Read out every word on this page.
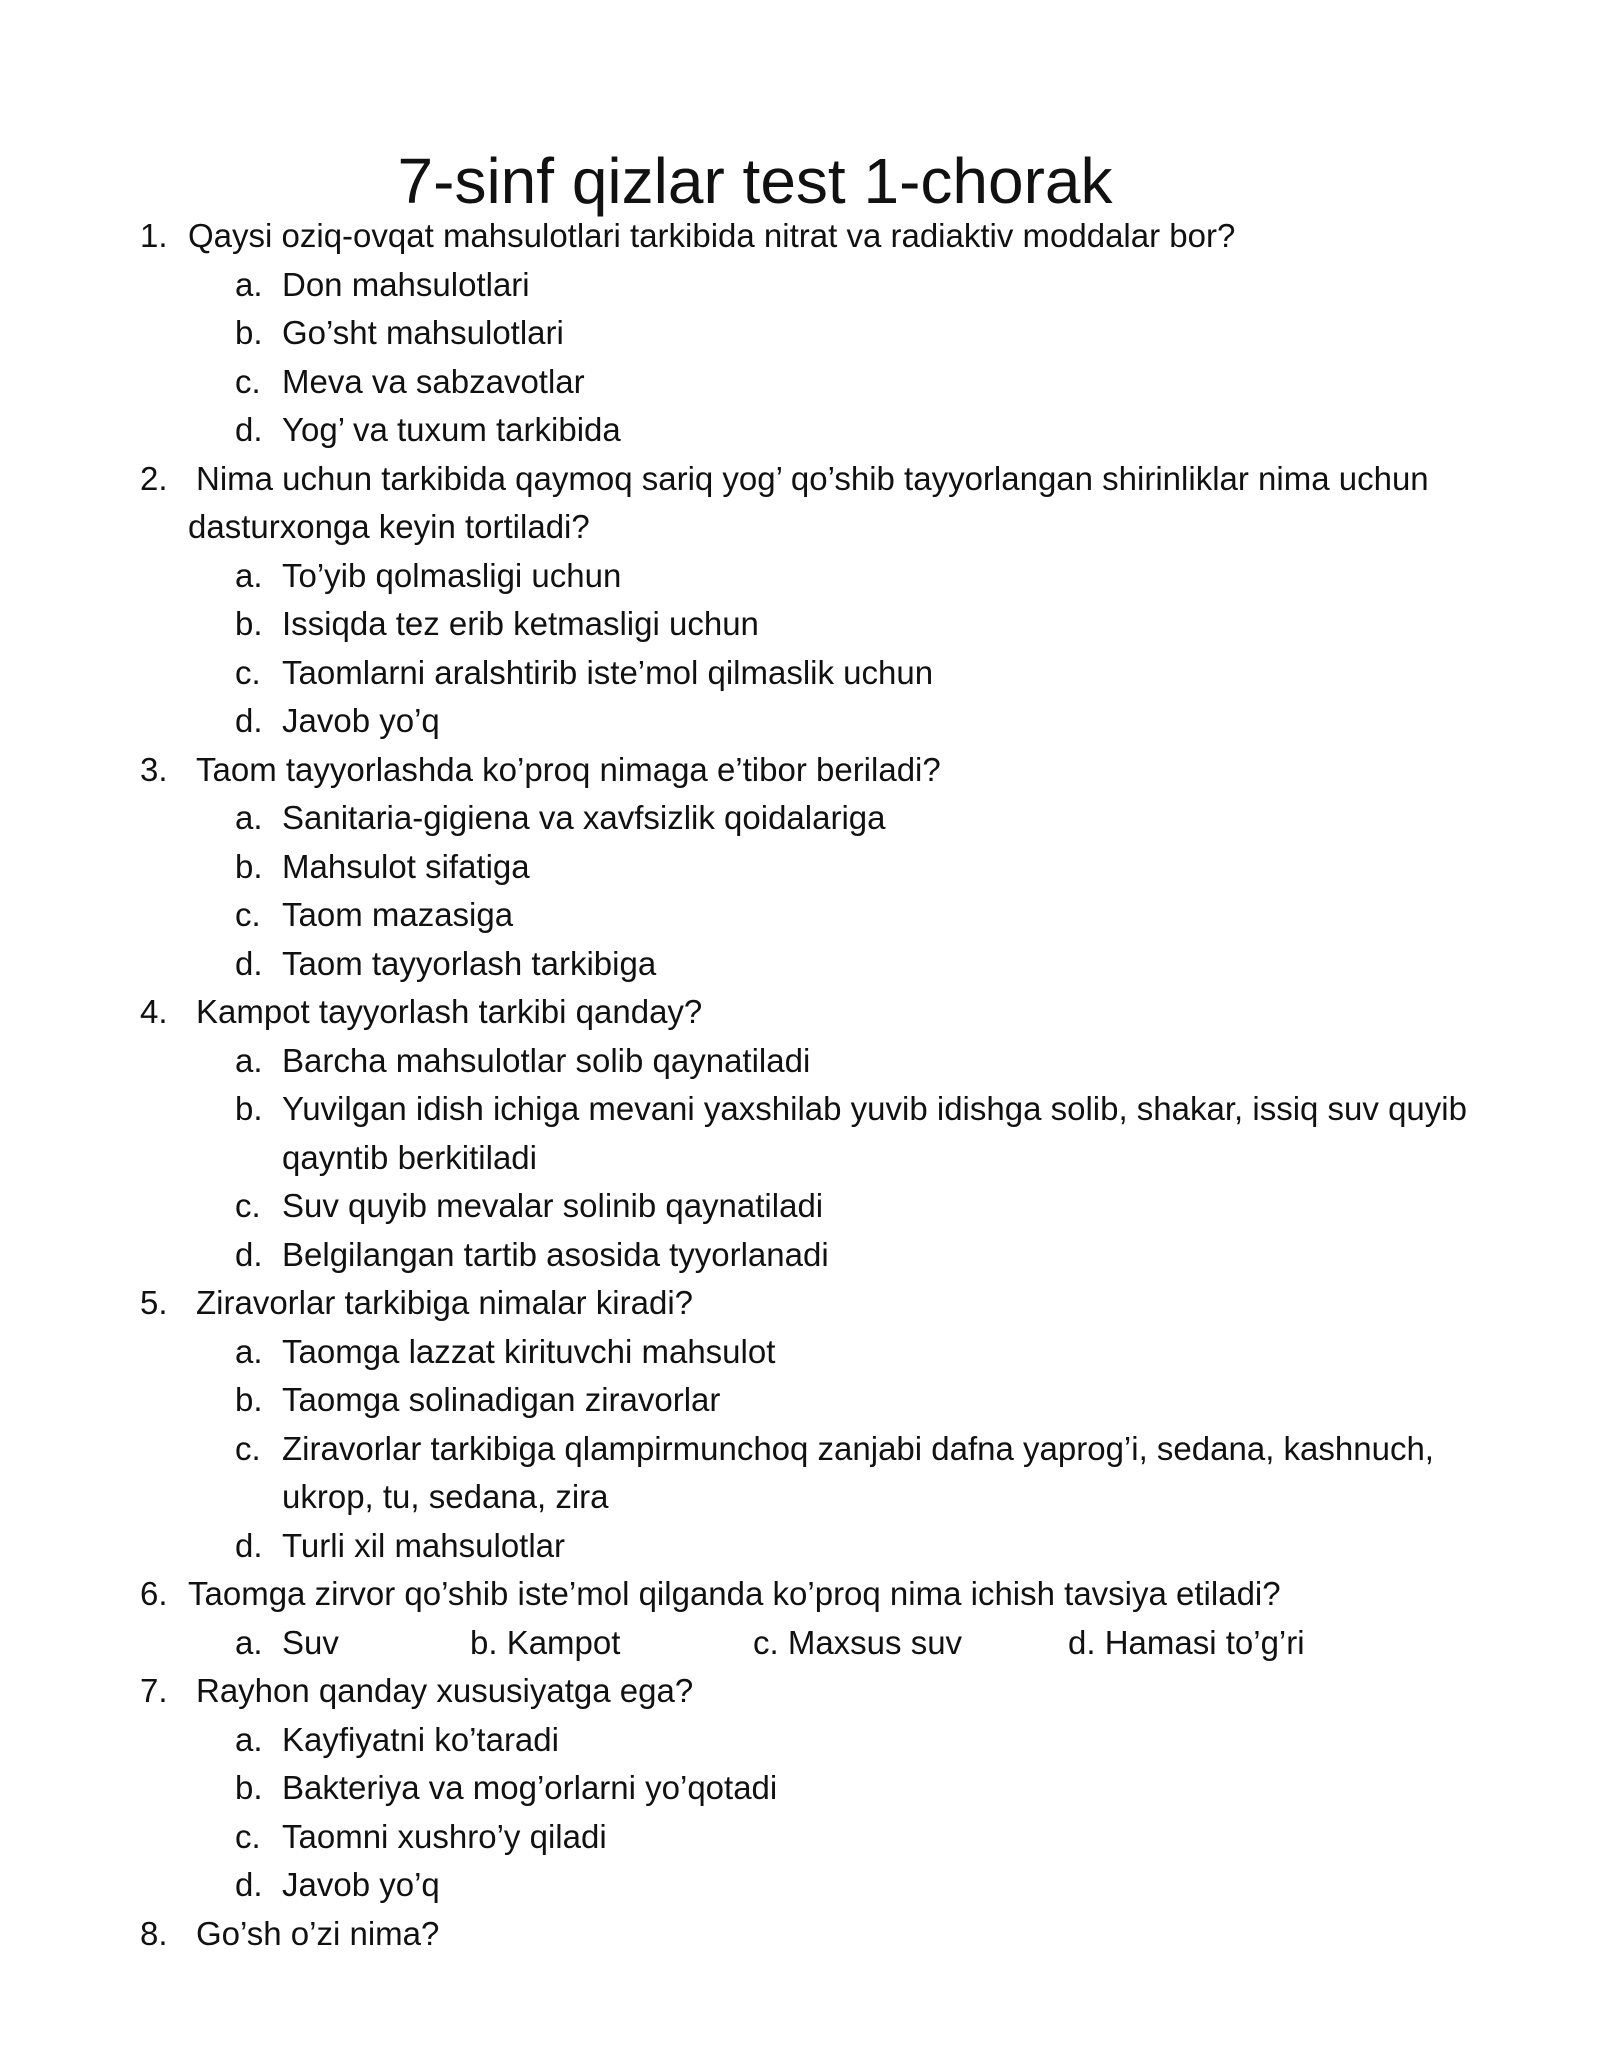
7-sinf qizlar test 1-chorak
1. Qaysi oziq-ovqat mahsulotlari tarkibida nitrat va radiaktiv moddalar bor?
a. Don mahsulotlari
b. Go’sht mahsulotlari
c. Meva va sabzavotlar
d. Yog’ va tuxum tarkibida
2. Nima uchun tarkibida qaymoq sariq yog’ qo’shib tayyorlangan shirinliklar nima uchun
dasturxonga keyin tortiladi?
a. To’yib qolmasligi uchun
b. Issiqda tez erib ketmasligi uchun
c. Taomlarni aralshtirib iste’mol qilmaslik uchun
d. Javob yo’q
3. Taom tayyorlashda ko’proq nimaga e’tibor beriladi?
a. Sanitaria-gigiena va xavfsizlik qoidalariga
b. Mahsulot sifatiga
c. Taom mazasiga
d. Taom tayyorlash tarkibiga
4. Kampot tayyorlash tarkibi qanday?
a. Barcha mahsulotlar solib qaynatiladi
b. Yuvilgan idish ichiga mevani yaxshilab yuvib idishga solib, shakar, issiq suv quyib
qayntib berkitiladi
c. Suv quyib mevalar solinib qaynatiladi
d. Belgilangan tartib asosida tyyorlanadi
5. Ziravorlar tarkibiga nimalar kiradi?
a. Taomga lazzat kirituvchi mahsulot
b. Taomga solinadigan ziravorlar
c. Ziravorlar tarkibiga qlampirmunchoq zanjabi dafna yaprog’i, sedana, kashnuch,
ukrop, tu, sedana, zira
d. Turli xil mahsulotlar
6. Taomga zirvor qo’shib iste’mol qilganda ko’proq nima ichish tavsiya etiladi?
a. Suv	b. Kampot	c. Maxsus suv	d. Hamasi to’g’ri
7. Rayhon qanday xususiyatga ega?
a. Kayfiyatni ko’taradi
b. Bakteriya va mog’orlarni yo’qotadi
c. Taomni xushro’y qiladi
d. Javob yo’q
8. Go’sh o’zi nima?
